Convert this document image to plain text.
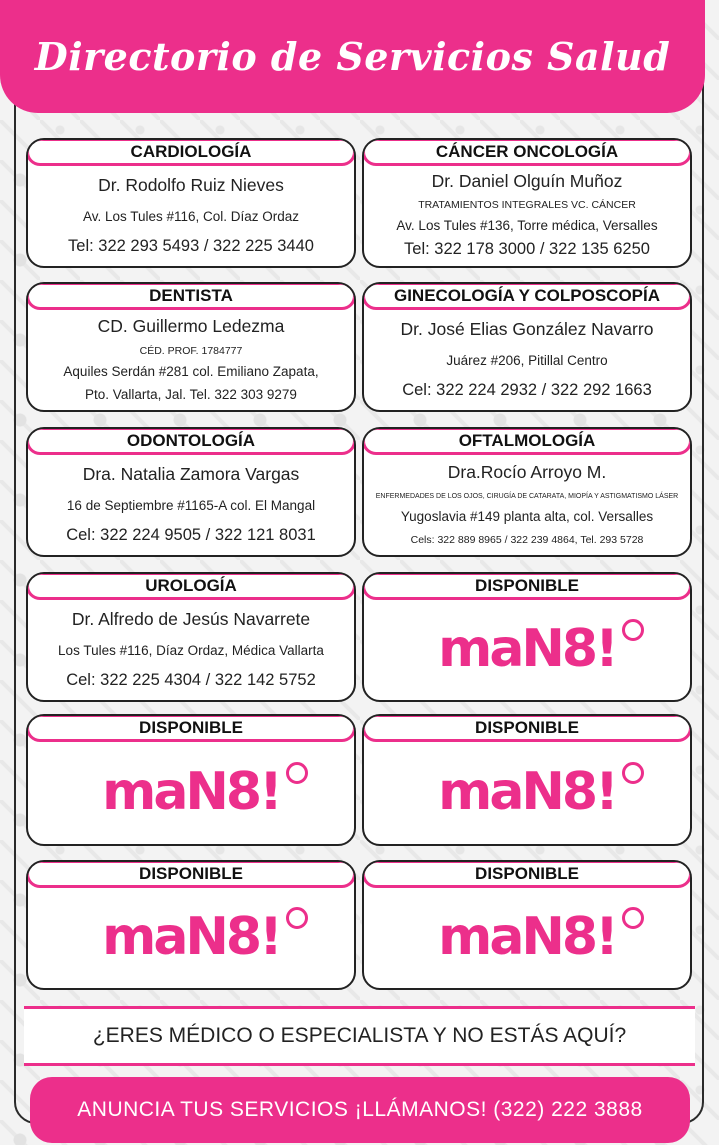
Directorio de Servicios Salud
CARDIOLOGÍA
Dr. Rodolfo Ruiz Nieves
Av. Los Tules #116, Col. Díaz Ordaz
Tel: 322 293 5493 / 322 225 3440
CÁNCER ONCOLOGÍA
Dr. Daniel Olguín Muñoz
TRATAMIENTOS INTEGRALES VC. CÁNCER
Av. Los Tules #136, Torre médica, Versalles
Tel: 322 178 3000 / 322 135 6250
DENTISTA
CD. Guillermo Ledezma
CÉD. PROF. 1784777
Aquiles Serdán #281 col. Emiliano Zapata,
Pto. Vallarta, Jal. Tel. 322 303 9279
GINECOLOGÍA Y COLPOSCOPÍA
Dr. José Elias González Navarro
Juárez #206, Pitillal Centro
Cel: 322 224 2932 / 322 292 1663
ODONTOLOGÍA
Dra. Natalia Zamora Vargas
16 de Septiembre #1165-A col. El Mangal
Cel: 322 224 9505 / 322 121 8031
OFTALMOLOGÍA
Dra.Rocío Arroyo M.
ENFERMEDADES DE LOS OJOS, CIRUGÍA DE CATARATA, MIOPÍA Y ASTIGMATISMO LÁSER
Yugoslavia #149 planta alta, col. Versalles
Cels: 322 889 8965 / 322 239 4864, Tel. 293 5728
UROLOGÍA
Dr. Alfredo de Jesús Navarrete
Los Tules #116, Díaz Ordaz, Médica Vallarta
Cel: 322 225 4304 / 322 142 5752
DISPONIBLE
maN8!
DISPONIBLE
maN8!
DISPONIBLE
maN8!
DISPONIBLE
maN8!
DISPONIBLE
maN8!
¿ERES MÉDICO O ESPECIALISTA Y NO ESTÁS AQUÍ?
ANUNCIA TUS SERVICIOS ¡LLÁMANOS! (322) 222 3888
